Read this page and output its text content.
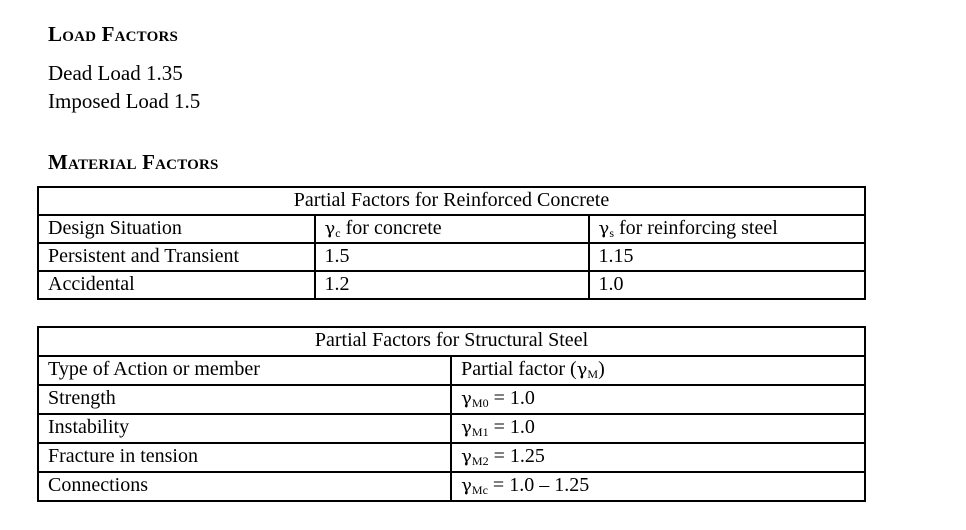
Load Factors
Dead Load 1.35
Imposed Load 1.5
Material Factors
Partial Factors for Reinforced Concrete		
Design Situation	$\gamma_c$ for concrete	$\gamma_s$ for reinforcing steel
Persistent and Transient	1.5	1.15
Accidental	1.2	1.0
Partial Factors for Structural Steel	
Type of Action or member	Partial factor $(\gamma_M)$
Strength	$\gamma_{M0} = 1.0$
Instability	$\gamma_{M1} = 1.0$
Fracture in tension	$\gamma_{M2} = 1.25$
Connections	$\gamma_{Mc} = 1.0 - 1.25$
